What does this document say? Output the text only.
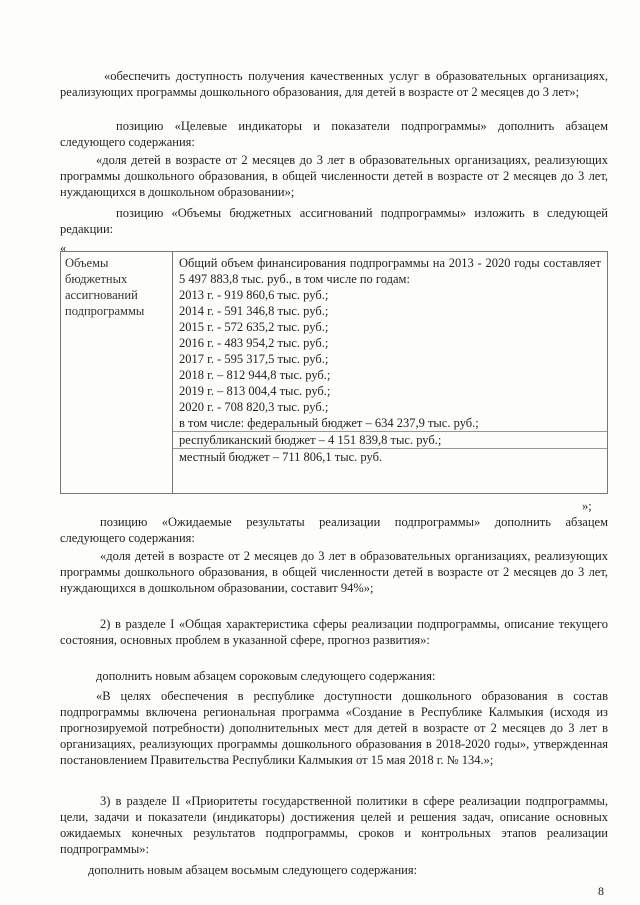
«обеспечить доступность получения качественных услуг в образовательных организациях, реализующих программы дошкольного образования, для детей в возрасте от 2 месяцев до 3 лет»;
позицию «Целевые индикаторы и показатели подпрограммы» дополнить абзацем следующего содержания:
«доля детей в возрасте от 2 месяцев до 3 лет в образовательных организациях, реализующих программы дошкольного образования, в общей численности детей в возрасте от 2 месяцев до 3 лет, нуждающихся в дошкольном образовании»;
позицию «Объемы бюджетных ассигнований подпрограммы» изложить в следующей редакции:
«
Объемы бюджетных ассигнований подпрограммы
Общий объем финансирования подпрограммы на 2013 - 2020 годы составляет 5 497 883,8 тыс. руб., в том числе по годам:
2013 г. - 919 860,6 тыс. руб.;
2014 г. - 591 346,8 тыс. руб.;
2015 г. - 572 635,2 тыс. руб.;
2016 г. - 483 954,2 тыс. руб.;
2017 г. - 595 317,5 тыс. руб.;
2018 г. – 812 944,8 тыс. руб.;
2019 г. – 813 004,4 тыс. руб.;
2020 г. - 708 820,3 тыс. руб.;
в том числе: федеральный бюджет – 634 237,9 тыс. руб.;
республиканский бюджет – 4 151 839,8 тыс. руб.;
местный бюджет – 711 806,1 тыс. руб.
»;
позицию «Ожидаемые результаты реализации подпрограммы» дополнить абзацем следующего содержания:
«доля детей в возрасте от 2 месяцев до 3 лет в образовательных организациях, реализующих программы дошкольного образования, в общей численности детей в возрасте от 2 месяцев до 3 лет, нуждающихся в дошкольном образовании, составит 94%»;
2) в разделе I «Общая характеристика сферы реализации подпрограммы, описание текущего состояния, основных проблем в указанной сфере, прогноз развития»:
дополнить новым абзацем сороковым следующего содержания:
«В целях обеспечения в республике доступности дошкольного образования в состав подпрограммы включена региональная программа «Создание в Республике Калмыкия (исходя из прогнозируемой потребности) дополнительных мест для детей в возрасте от 2 месяцев до 3 лет в организациях, реализующих программы дошкольного образования в 2018-2020 годы», утвержденная постановлением Правительства Республики Калмыкия от 15 мая 2018 г. № 134.»;
3) в разделе II «Приоритеты государственной политики в сфере реализации подпрограммы, цели, задачи и показатели (индикаторы) достижения целей и решения задач, описание основных ожидаемых конечных результатов подпрограммы, сроков и контрольных этапов реализации подпрограммы»:
дополнить новым абзацем восьмым следующего содержания:
8
